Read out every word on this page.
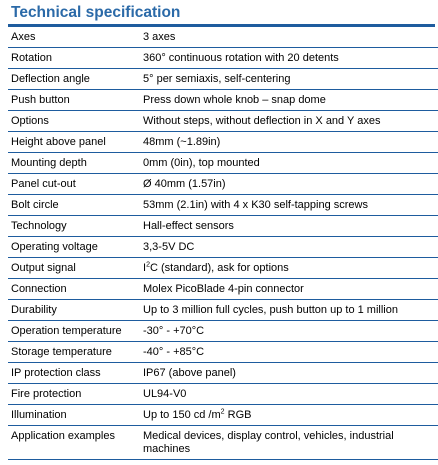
Technical specification
Axes	3 axes
Rotation	360° continuous rotation with 20 detents
Deflection angle	5° per semiaxis, self-centering
Push button	Press down whole knob – snap dome
Options	Without steps, without deflection in X and Y axes
Height above panel	48mm (~1.89in)
Mounting depth	0mm (0in), top mounted
Panel cut-out	Ø 40mm (1.57in)
Bolt circle	53mm (2.1in) with 4 x K30 self-tapping screws
Technology	Hall-effect sensors
Operating voltage	3,3-5V DC
Output signal	$I^2C$ (standard), ask for options
Connection	Molex PicoBlade 4-pin connector
Durability	Up to 3 million full cycles, push button up to 1 million
Operation temperature	-30° - +70°C
Storage temperature	-40° - +85°C
IP protection class	IP67 (above panel)
Fire protection	UL94-V0
Illumination	Up to 150 cd $/m^2$ RGB
Application examples	Medical devices, display control, vehicles, industrial machines
